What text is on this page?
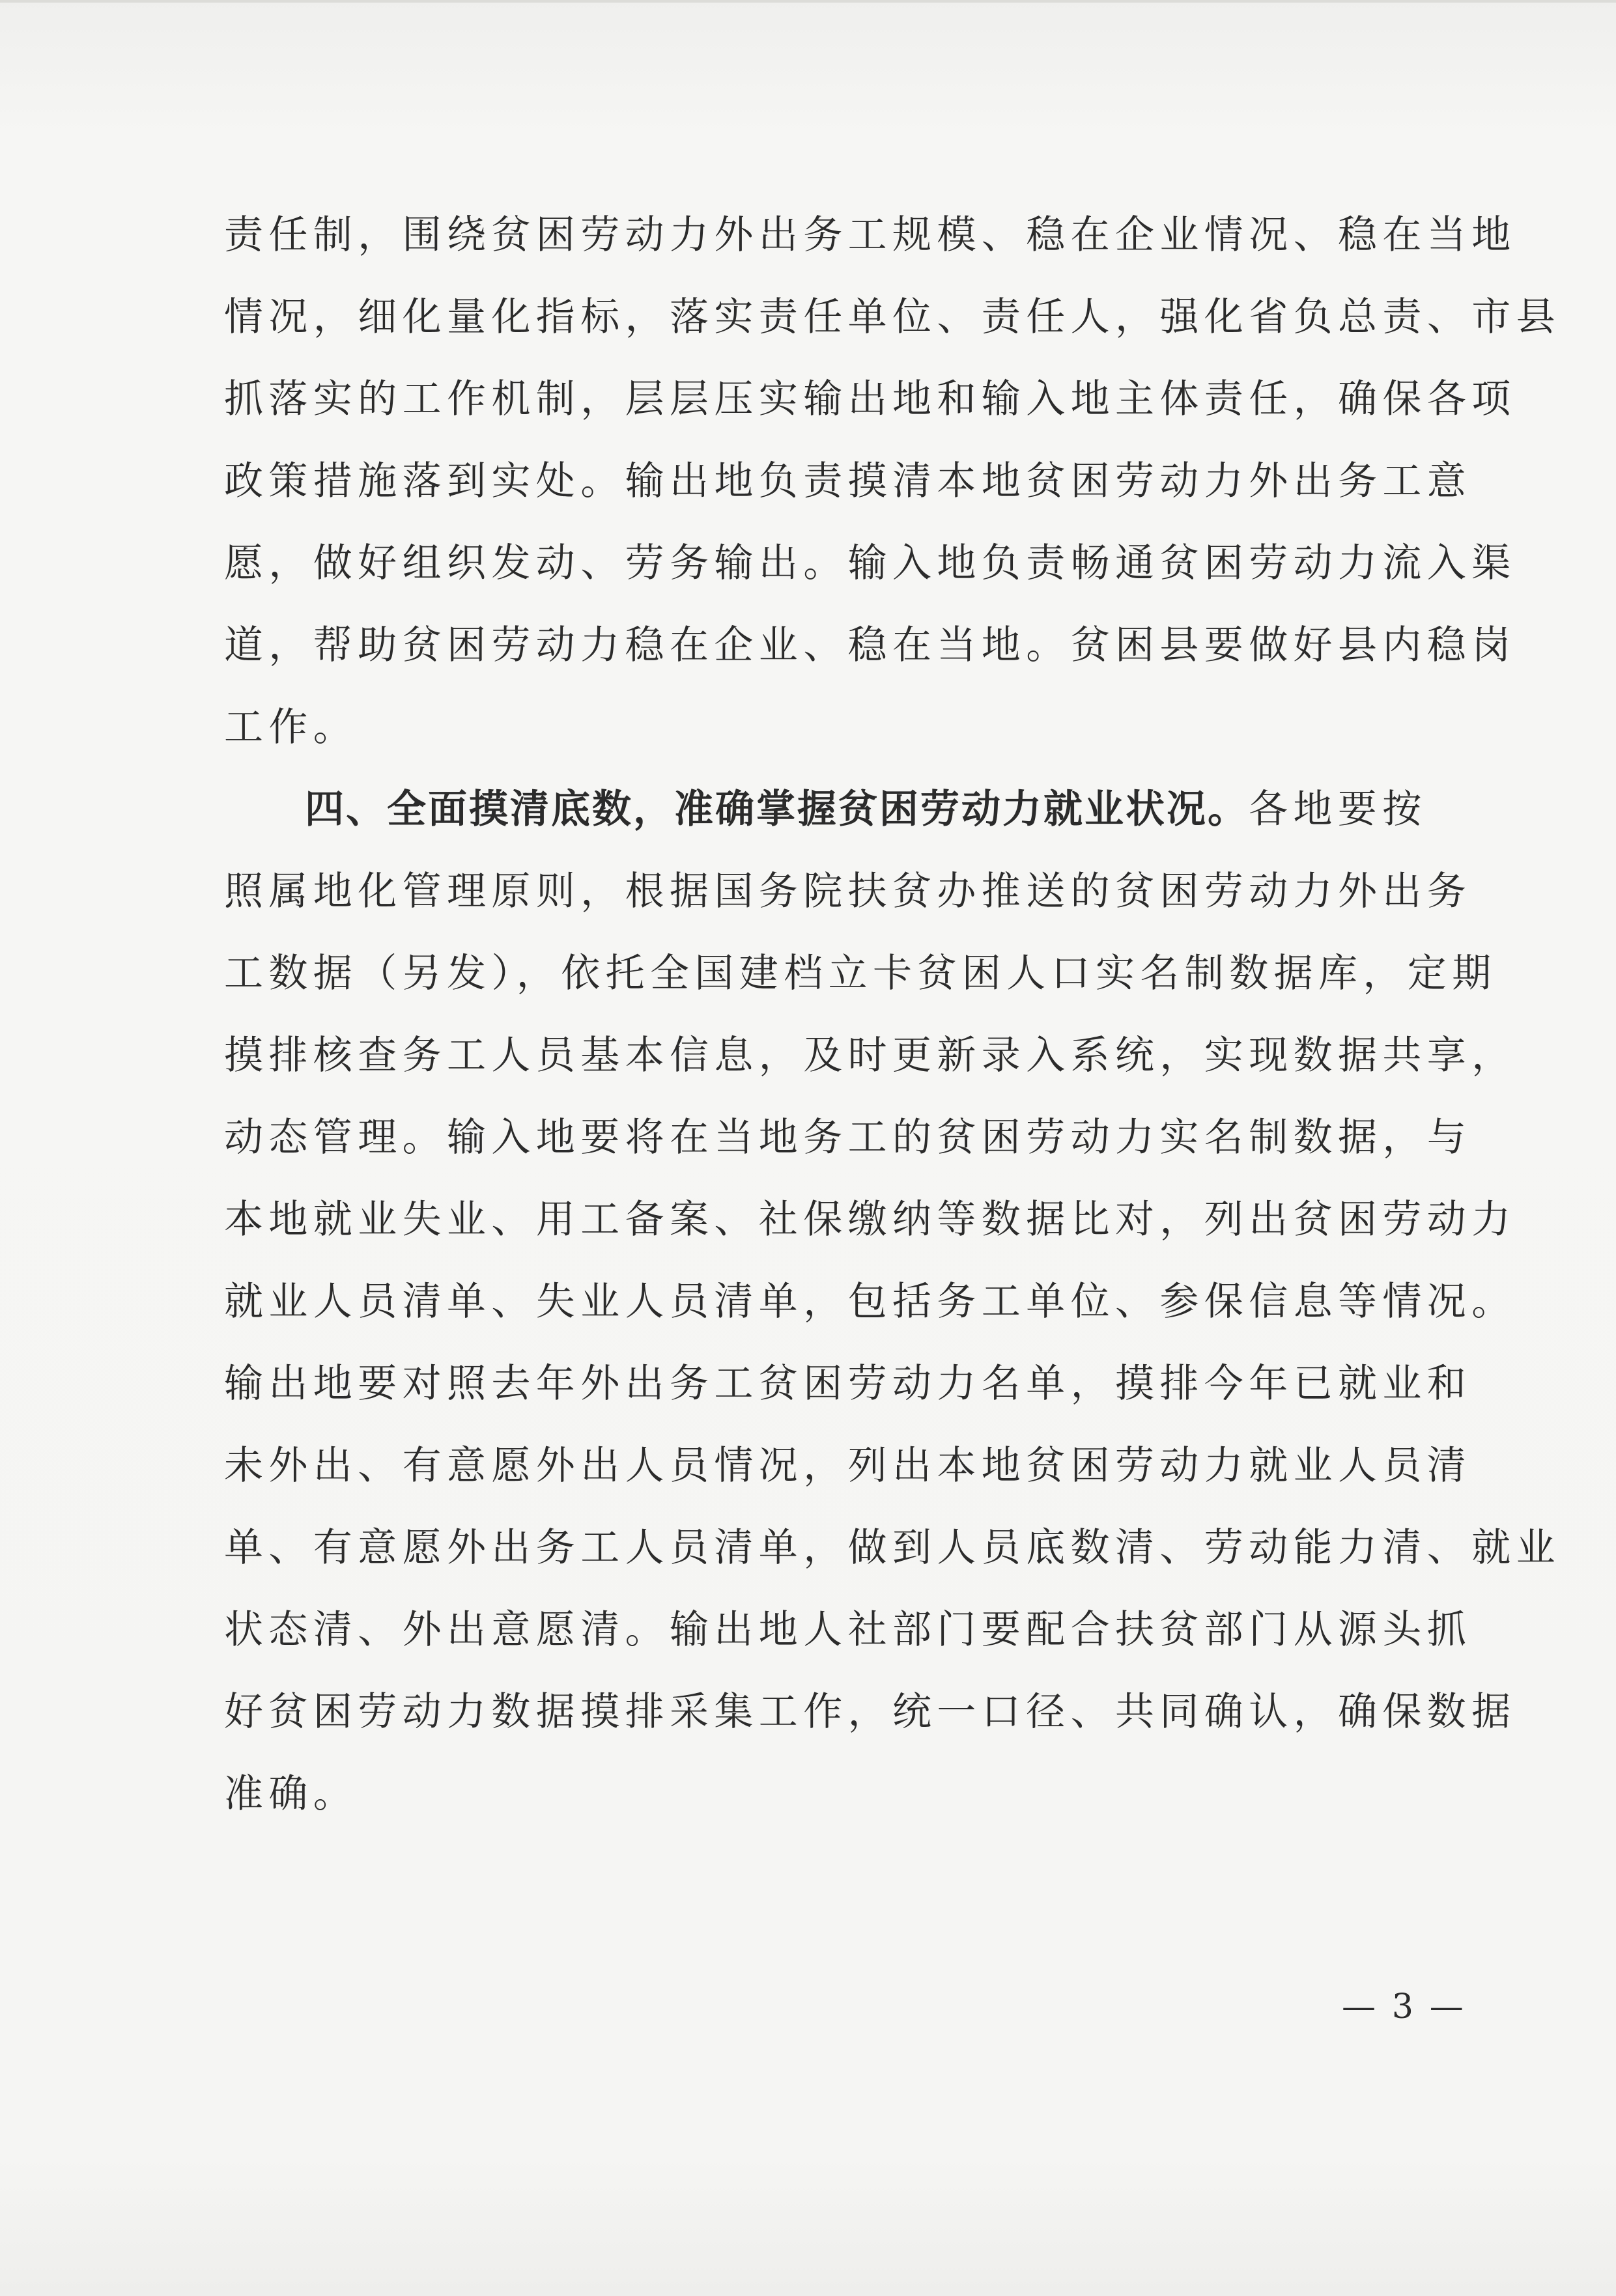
责任制，围绕贫困劳动力外出务工规模、稳在企业情况、稳在当地
情况，细化量化指标，落实责任单位、责任人，强化省负总责、市县
抓落实的工作机制，层层压实输出地和输入地主体责任，确保各项
政策措施落到实处。输出地负责摸清本地贫困劳动力外出务工意
愿，做好组织发动、劳务输出。输入地负责畅通贫困劳动力流入渠
道，帮助贫困劳动力稳在企业、稳在当地。贫困县要做好县内稳岗
工作。
四、全面摸清底数，准确掌握贫困劳动力就业状况。各地要按
照属地化管理原则，根据国务院扶贫办推送的贫困劳动力外出务
工数据（另发），依托全国建档立卡贫困人口实名制数据库，定期
摸排核查务工人员基本信息，及时更新录入系统，实现数据共享，
动态管理。输入地要将在当地务工的贫困劳动力实名制数据，与
本地就业失业、用工备案、社保缴纳等数据比对，列出贫困劳动力
就业人员清单、失业人员清单，包括务工单位、参保信息等情况。
输出地要对照去年外出务工贫困劳动力名单，摸排今年已就业和
未外出、有意愿外出人员情况，列出本地贫困劳动力就业人员清
单、有意愿外出务工人员清单，做到人员底数清、劳动能力清、就业
状态清、外出意愿清。输出地人社部门要配合扶贫部门从源头抓
好贫困劳动力数据摸排采集工作，统一口径、共同确认，确保数据
准确。
— 3 —
